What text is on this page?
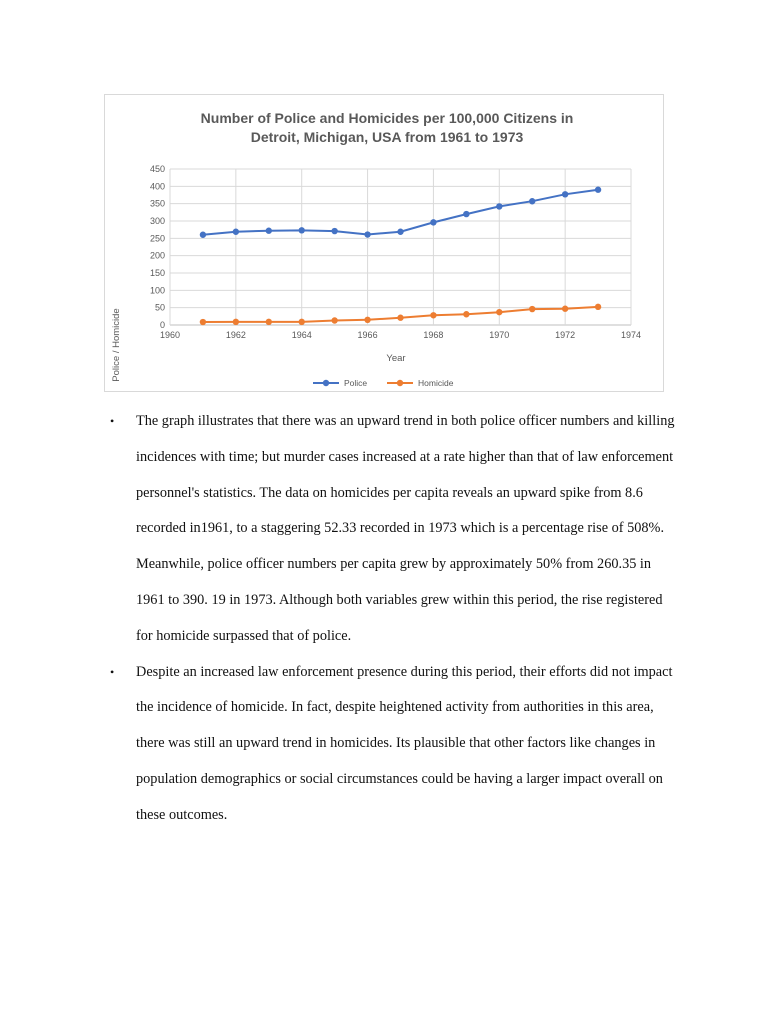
Number of Police and Homicides per 100,000 Citizens in
Detroit, Michigan, USA from 1961 to 1973
0
50
100
150
200
250
300
350
400
450
1960	1962	1964	1966	1968	1970	1972	1974
Police / Homicide	Year
Police	Homicide
• The graph illustrates that there was an upward trend in both police officer numbers and killing incidences with time; but murder cases increased at a rate higher than that of law enforcement personnel's statistics. The data on homicides per capita reveals an upward spike from 8.6 recorded in1961, to a staggering 52.33 recorded in 1973 which is a percentage rise of 508%. Meanwhile, police officer numbers per capita grew by approximately 50% from 260.35 in 1961 to 390. 19 in 1973. Although both variables grew within this period, the rise registered for homicide surpassed that of police.
• Despite an increased law enforcement presence during this period, their efforts did not impact the incidence of homicide. In fact, despite heightened activity from authorities in this area, there was still an upward trend in homicides. Its plausible that other factors like changes in population demographics or social circumstances could be having a larger impact overall on these outcomes.
